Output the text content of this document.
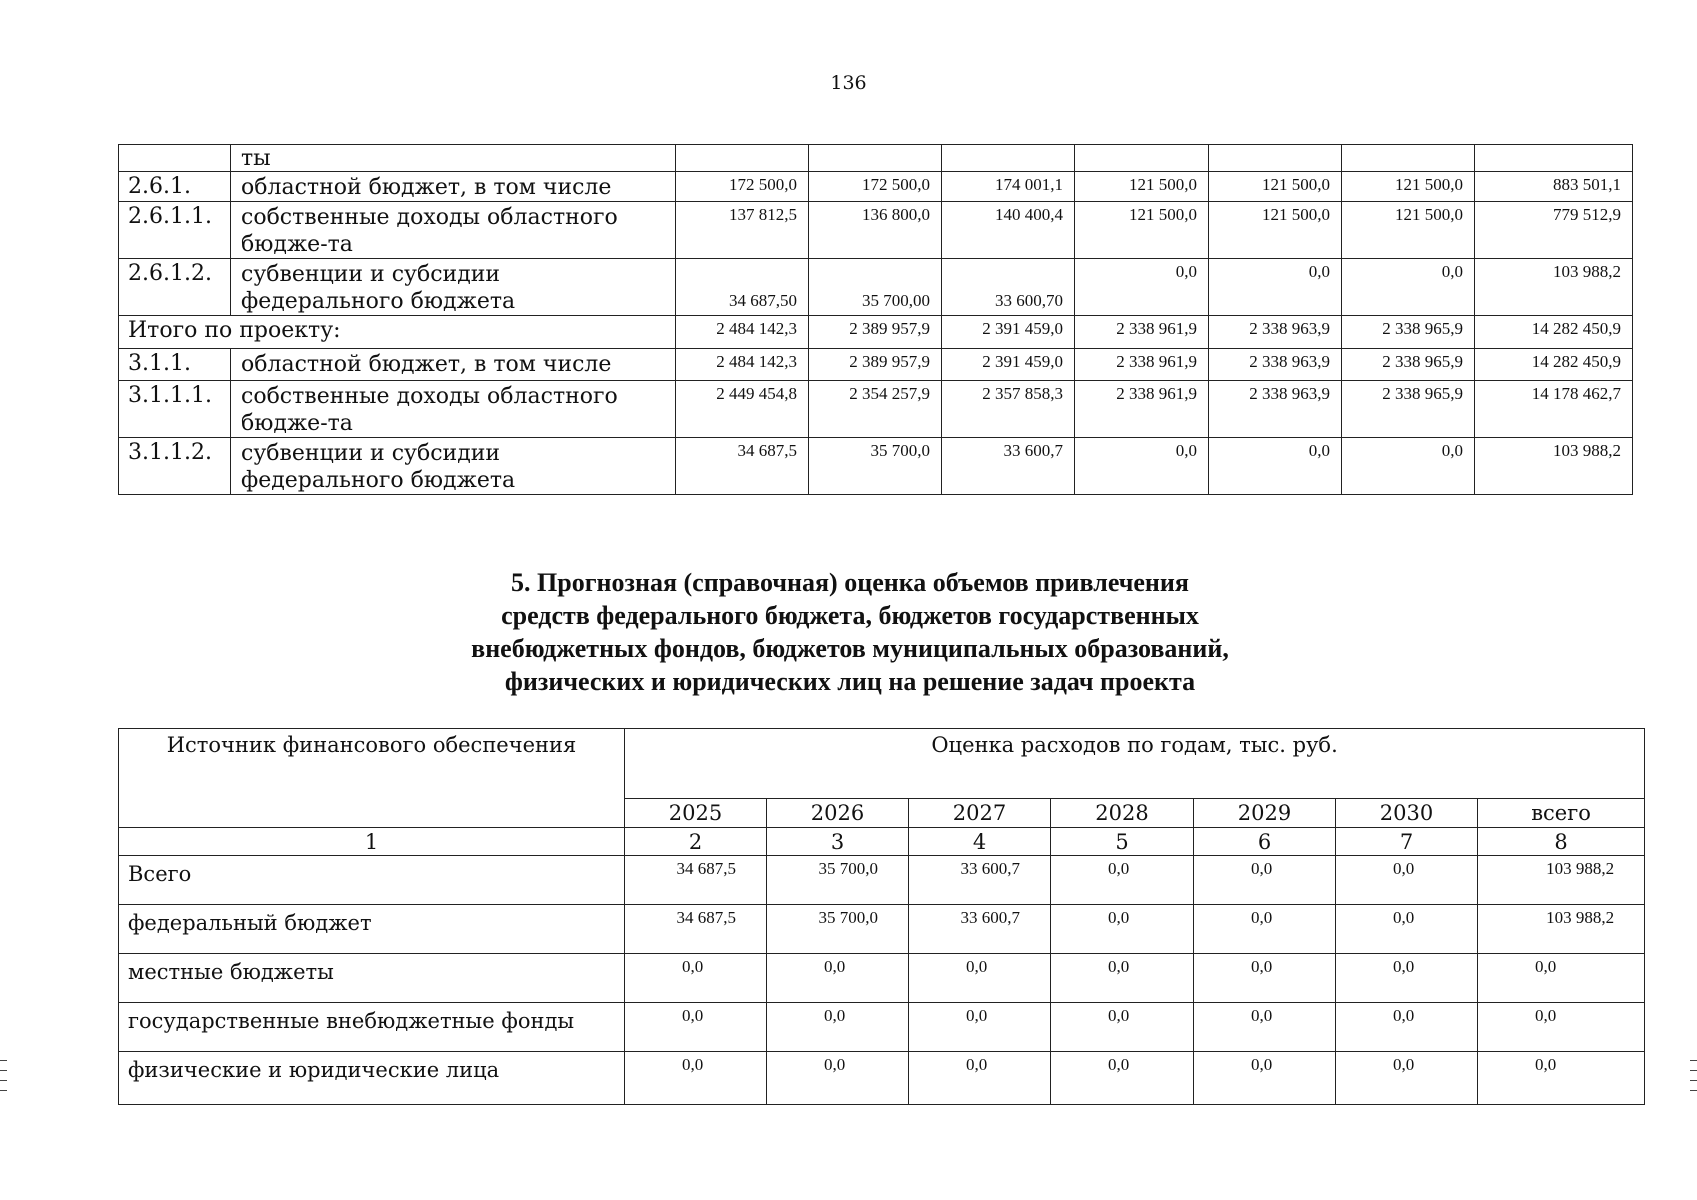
136
	ты							
2.6.1.	областной бюджет, в том числе	172 500,0	172 500,0	174 001,1	121 500,0	121 500,0	121 500,0	883 501,1
2.6.1.1.	собственные доходы областного бюдже-та	137 812,5	136 800,0	140 400,4	121 500,0	121 500,0	121 500,0	779 512,9
2.6.1.2.	субвенции и субсидии федерального бюджета	34 687,50	35 700,00	33 600,70	0,0	0,0	0,0	103 988,2
Итого по проекту:		2 484 142,3	2 389 957,9	2 391 459,0	2 338 961,9	2 338 963,9	2 338 965,9	14 282 450,9
3.1.1.	областной бюджет, в том числе	2 484 142,3	2 389 957,9	2 391 459,0	2 338 961,9	2 338 963,9	2 338 965,9	14 282 450,9
3.1.1.1.	собственные доходы областного бюдже-та	2 449 454,8	2 354 257,9	2 357 858,3	2 338 961,9	2 338 963,9	2 338 965,9	14 178 462,7
3.1.1.2.	субвенции и субсидии федерального бюджета	34 687,5	35 700,0	33 600,7	0,0	0,0	0,0	103 988,2
5. Прогнозная (справочная) оценка объемов привлечения
средств федерального бюджета, бюджетов государственных
внебюджетных фондов, бюджетов муниципальных образований,
физических и юридических лиц на решение задач проекта
Источник финансового обеспечения	Оценка расходов по годам, тыс. руб.						
	2025	2026	2027	2028	2029	2030	всего
1	2	3	4	5	6	7	8
Всего	34 687,5	35 700,0	33 600,7	0,0	0,0	0,0	103 988,2
федеральный бюджет	34 687,5	35 700,0	33 600,7	0,0	0,0	0,0	103 988,2
местные бюджеты	0,0	0,0	0,0	0,0	0,0	0,0	0,0
государственные внебюджетные фонды	0,0	0,0	0,0	0,0	0,0	0,0	0,0
физические и юридические лица	0,0	0,0	0,0	0,0	0,0	0,0	0,0
